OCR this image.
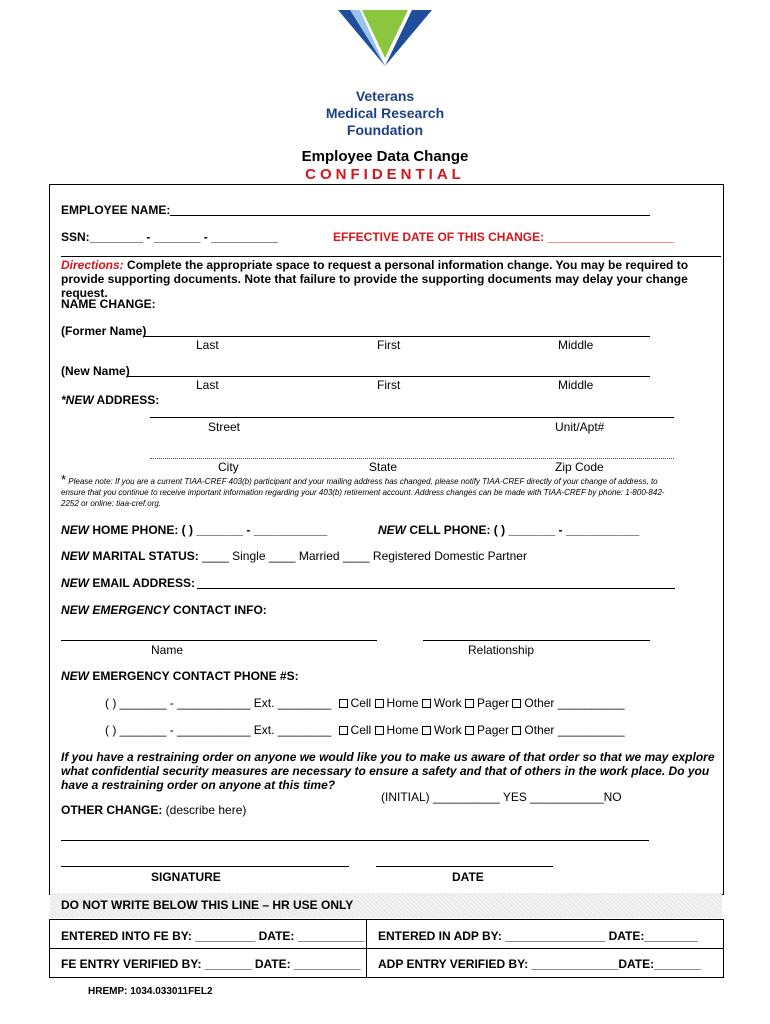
Veterans
Medical Research
Foundation
Employee Data Change
CONFIDENTIAL
EMPLOYEE NAME:
SSN:________ - _______ - __________	EFFECTIVE DATE OF THIS CHANGE: ___________________
Directions: Complete the appropriate space to request a personal information change. You may be required to provide supporting documents. Note that failure to provide the supporting documents may delay your change request.
NAME CHANGE:
(Former Name)
Last	First	Middle
(New Name)
Last	First	Middle
*NEW ADDRESS:
Street	Unit/Apt#
City	State	Zip Code
* Please note: If you are a current TIAA-CREF 403(b) participant and your mailing address has changed, please notify TIAA-CREF directly of your change of address, to ensure that you continue to receive important information regarding your 403(b) retirement account. Address changes can be made with TIAA-CREF by phone: 1-800-842-2252 or online: tiaa-cref.org.
NEW HOME PHONE: ( ) _______ - ___________	NEW CELL PHONE: ( ) _______ - ___________
NEW MARITAL STATUS: ____ Single ____ Married ____ Registered Domestic Partner
NEW EMAIL ADDRESS:
NEW EMERGENCY CONTACT INFO:
Name	Relationship
NEW EMERGENCY CONTACT PHONE #S:
( ) _______ - ___________ Ext. ________ Cell Home Work Pager Other __________
( ) _______ - ___________ Ext. ________ Cell Home Work Pager Other __________
If you have a restraining order on anyone we would like you to make us aware of that order so that we may explore what confidential security measures are necessary to ensure a safety and that of others in the work place. Do you have a restraining order on anyone at this time?
(INITIAL) __________ YES ___________NO
OTHER CHANGE: (describe here)
SIGNATURE	DATE
DO NOT WRITE BELOW THIS LINE – HR USE ONLY
ENTERED INTO FE BY: _________ DATE: __________ ENTERED IN ADP BY: _______________ DATE:________
FE ENTRY VERIFIED BY: _______ DATE: __________ ADP ENTRY VERIFIED BY: _____________DATE:_______
HREMP: 1034.033011FEL2
